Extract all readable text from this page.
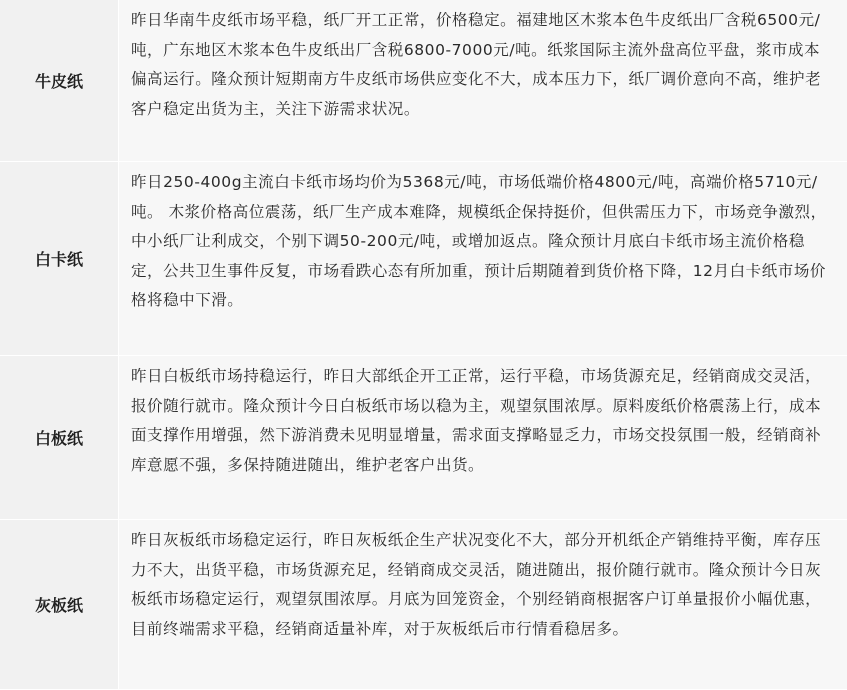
牛皮纸
昨日华南牛皮纸市场平稳，纸厂开工正常，价格稳定。福建地区木浆本色牛皮纸出厂含税6500元/吨，广东地区木浆本色牛皮纸出厂含税6800-7000元/吨。纸浆国际主流外盘高位平盘，浆市成本偏高运行。隆众预计短期南方牛皮纸市场供应变化不大，成本压力下，纸厂调价意向不高，维护老客户稳定出货为主，关注下游需求状况。
白卡纸
昨日250-400g主流白卡纸市场均价为5368元/吨，市场低端价格4800元/吨，高端价格5710元/吨。 木浆价格高位震荡，纸厂生产成本难降，规模纸企保持挺价，但供需压力下，市场竞争激烈，中小纸厂让利成交，个别下调50-200元/吨，或增加返点。隆众预计月底白卡纸市场主流价格稳定，公共卫生事件反复，市场看跌心态有所加重，预计后期随着到货价格下降，12月白卡纸市场价格将稳中下滑。
白板纸
昨日白板纸市场持稳运行，昨日大部纸企开工正常，运行平稳，市场货源充足，经销商成交灵活，报价随行就市。隆众预计今日白板纸市场以稳为主，观望氛围浓厚。原料废纸价格震荡上行，成本面支撑作用增强，然下游消费未见明显增量，需求面支撑略显乏力，市场交投氛围一般，经销商补库意愿不强，多保持随进随出，维护老客户出货。
灰板纸
昨日灰板纸市场稳定运行，昨日灰板纸企生产状况变化不大，部分开机纸企产销维持平衡，库存压力不大，出货平稳，市场货源充足，经销商成交灵活，随进随出，报价随行就市。隆众预计今日灰板纸市场稳定运行，观望氛围浓厚。月底为回笼资金，个别经销商根据客户订单量报价小幅优惠，目前终端需求平稳，经销商适量补库，对于灰板纸后市行情看稳居多。
